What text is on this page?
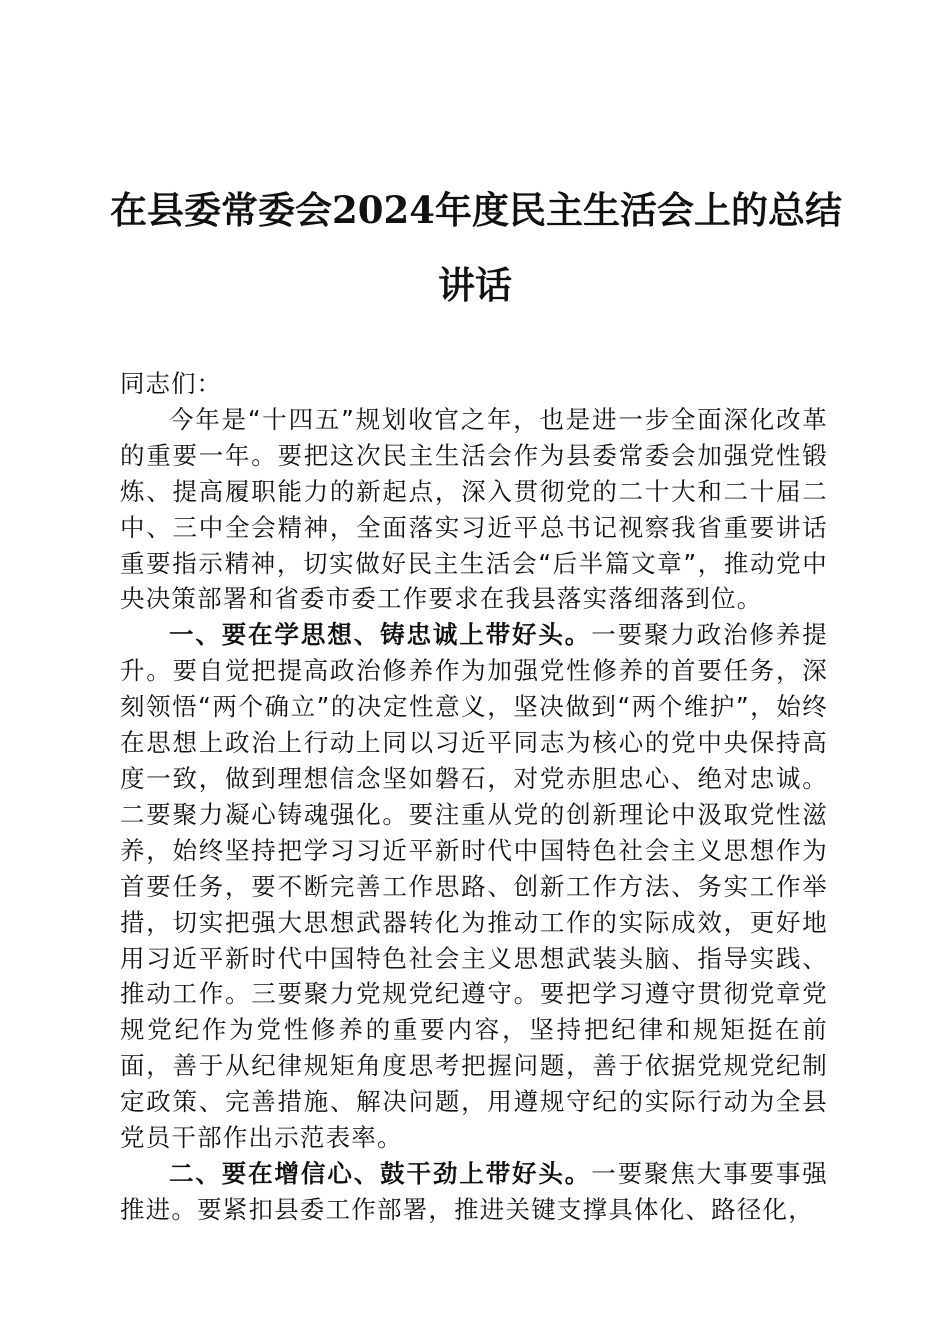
在县委常委会2024年度民主生活会上的总结
讲话

同志们：

今年是“十四五”规划收官之年，也是进一步全面深化改革的重要一年。要把这次民主生活会作为县委常委会加强党性锻炼、提高履职能力的新起点，深入贯彻党的二十大和二十届二中、三中全会精神，全面落实习近平总书记视察我省重要讲话重要指示精神，切实做好民主生活会“后半篇文章”，推动党中央决策部署和省委市委工作要求在我县落实落细落到位。

一、要在学思想、铸忠诚上带好头。一要聚力政治修养提升。要自觉把提高政治修养作为加强党性修养的首要任务，深刻领悟“两个确立”的决定性意义，坚决做到“两个维护”，始终在思想上政治上行动上同以习近平同志为核心的党中央保持高度一致，做到理想信念坚如磐石，对党赤胆忠心、绝对忠诚。二要聚力凝心铸魂强化。要注重从党的创新理论中汲取党性滋养，始终坚持把学习习近平新时代中国特色社会主义思想作为首要任务，要不断完善工作思路、创新工作方法、务实工作举措，切实把强大思想武器转化为推动工作的实际成效，更好地用习近平新时代中国特色社会主义思想武装头脑、指导实践、推动工作。三要聚力党规党纪遵守。要把学习遵守贯彻党章党规党纪作为党性修养的重要内容，坚持把纪律和规矩挺在前面，善于从纪律规矩角度思考把握问题，善于依据党规党纪制定政策、完善措施、解决问题，用遵规守纪的实际行动为全县党员干部作出示范表率。

二、要在增信心、鼓干劲上带好头。一要聚焦大事要事强推进。要紧扣县委工作部署，推进关键支撑具体化、路径化，
